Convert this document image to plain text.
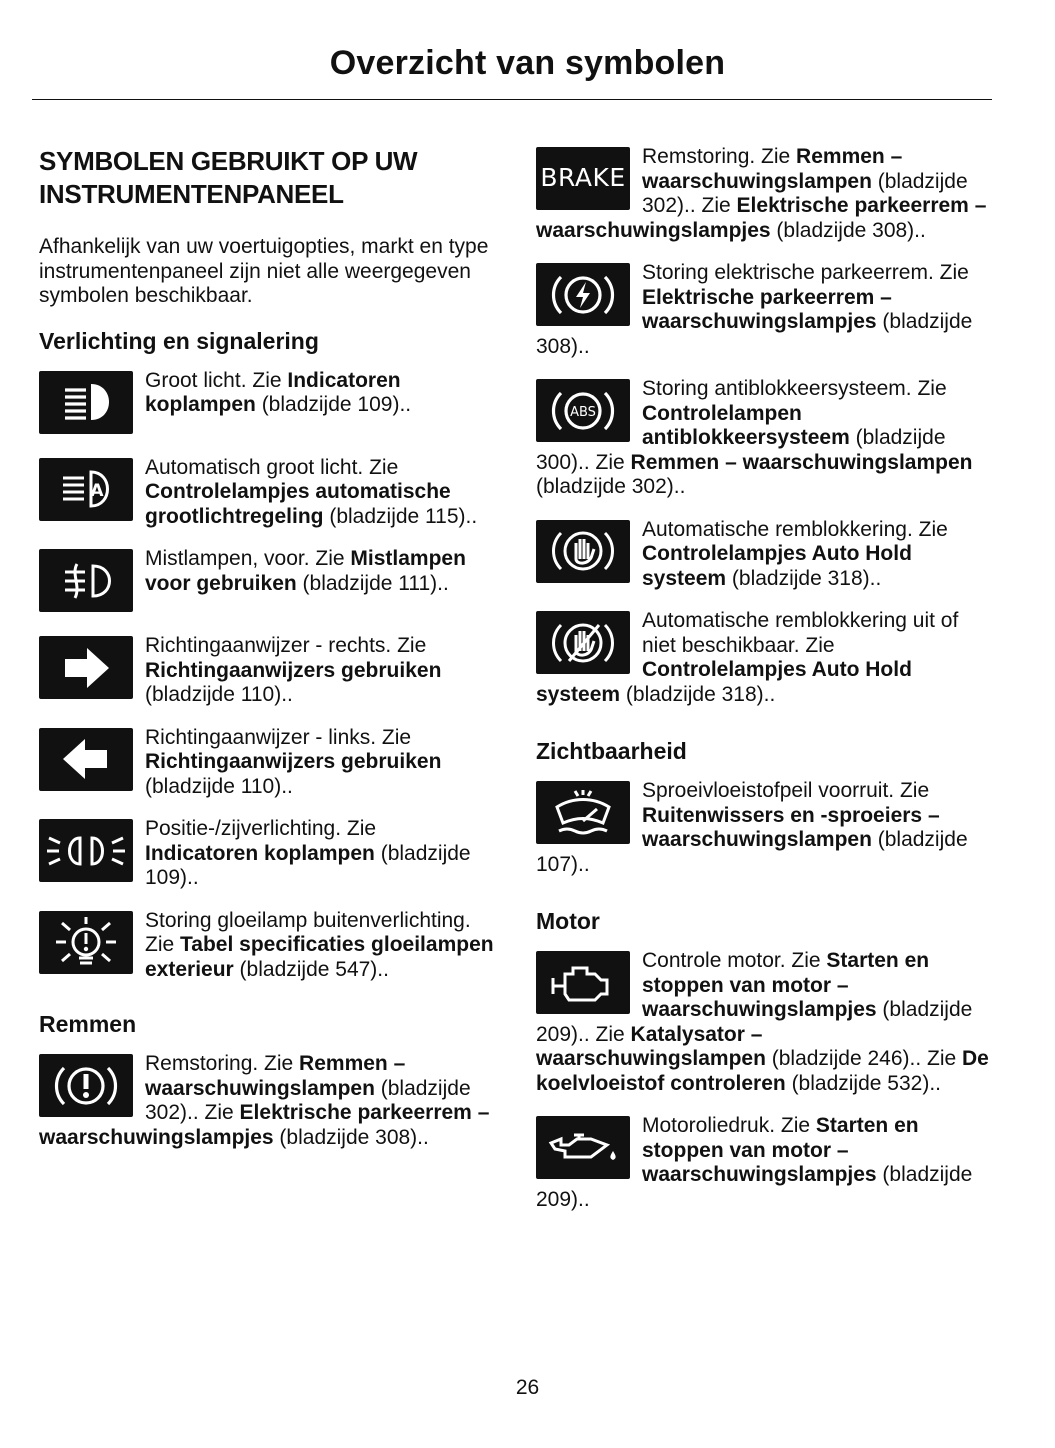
Overzicht van symbolen
SYMBOLEN GEBRUIKT OP UW INSTRUMENTENPANEEL
Afhankelijk van uw voertuigopties, markt en type instrumentenpaneel zijn niet alle weergegeven symbolen beschikbaar.
Verlichting en signalering
Groot licht. Zie Indicatoren koplampen (bladzijde 109)..
A
Automatisch groot licht. Zie Controlelampjes automatische grootlichtregeling (bladzijde 115)..
Mistlampen, voor. Zie Mistlampen voor gebruiken (bladzijde 111)..
Richtingaanwijzer - rechts. Zie Richtingaanwijzers gebruiken (bladzijde 110)..
Richtingaanwijzer - links. Zie Richtingaanwijzers gebruiken (bladzijde 110)..
Positie-/zijverlichting. Zie Indicatoren koplampen (bladzijde 109)..
Storing gloeilamp buitenverlichting. Zie Tabel specificaties gloeilampen exterieur (bladzijde 547)..
Remmen
Remstoring. Zie Remmen – waarschuwingslampen (bladzijde 302).. Zie Elektrische parkeerrem – waarschuwingslampjes (bladzijde 308)..
BRAKE
Remstoring. Zie Remmen – waarschuwingslampen (bladzijde 302).. Zie Elektrische parkeerrem – waarschuwingslampjes (bladzijde 308)..
Storing elektrische parkeerrem. Zie Elektrische parkeerrem – waarschuwingslampjes (bladzijde 308)..
ABS
Storing antiblokkeersysteem. Zie Controlelampen antiblokkeersysteem (bladzijde 300).. Zie Remmen – waarschuwingslampen (bladzijde 302)..
Automatische remblokkering. Zie Controlelampjes Auto Hold systeem (bladzijde 318)..
Automatische remblokkering uit of niet beschikbaar. Zie Controlelampjes Auto Hold systeem (bladzijde 318)..
Zichtbaarheid
Sproeivloeistofpeil voorruit. Zie Ruitenwissers en -sproeiers – waarschuwingslampen (bladzijde 107)..
Motor
Controle motor. Zie Starten en stoppen van motor – waarschuwingslampjes (bladzijde 209).. Zie Katalysator – waarschuwingslampen (bladzijde 246).. Zie De koelvloeistof controleren (bladzijde 532)..
Motoroliedruk. Zie Starten en stoppen van motor – waarschuwingslampjes (bladzijde 209)..
26
